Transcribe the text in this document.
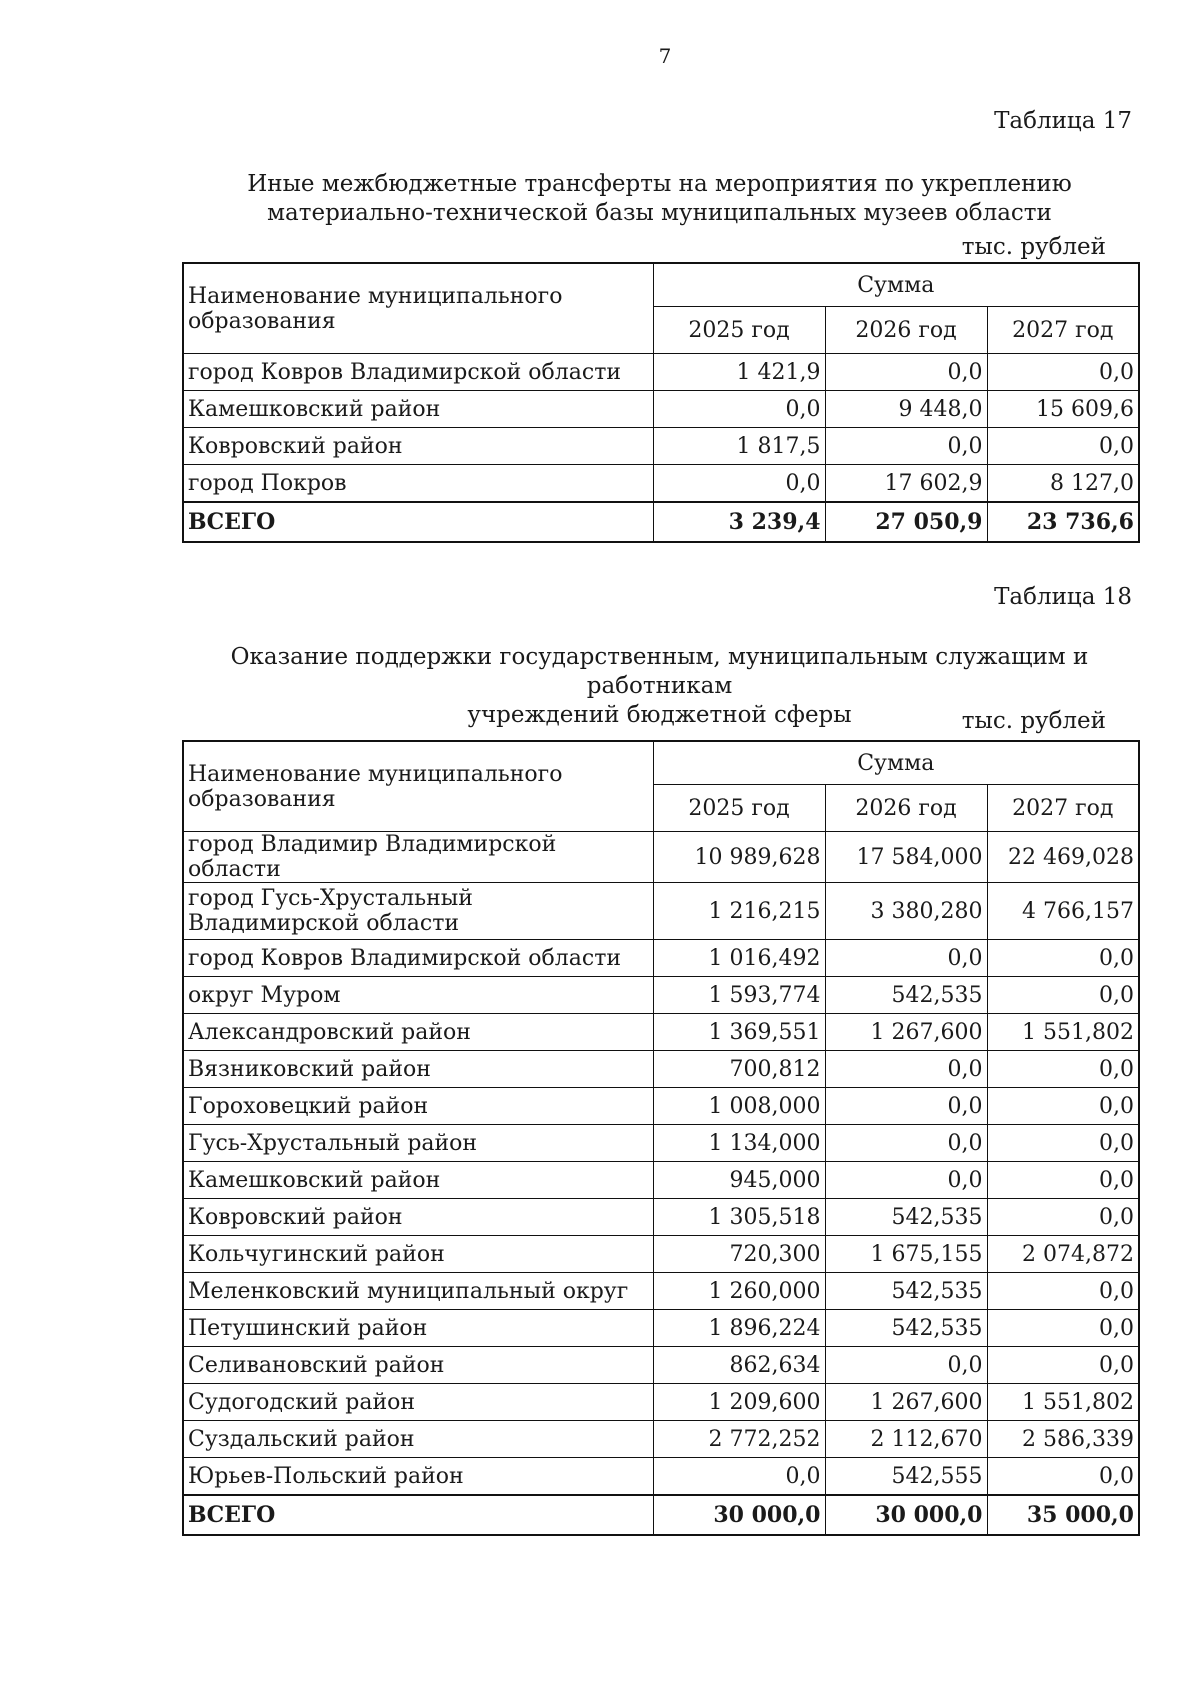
7
Таблица 17
Иные межбюджетные трансферты на мероприятия по укреплению
материально-технической базы муниципальных музеев области
тыс. рублей
Наименование муниципального образования	Сумма		
	2025 год	2026 год	2027 год
город Ковров Владимирской области	1 421,9	0,0	0,0
Камешковский район	0,0	9 448,0	15 609,6
Ковровский район	1 817,5	0,0	0,0
город Покров	0,0	17 602,9	8 127,0
ВСЕГО	3 239,4	27 050,9	23 736,6
Таблица 18
Оказание поддержки государственным, муниципальным служащим и работникам
учреждений бюджетной сферы	тыс. рублей
Наименование муниципального образования	Сумма		
	2025 год	2026 год	2027 год
город Владимир Владимирской области	10 989,628	17 584,000	22 469,028
город Гусь-Хрустальный Владимирской области	1 216,215	3 380,280	4 766,157
город Ковров Владимирской области	1 016,492	0,0	0,0
округ Муром	1 593,774	542,535	0,0
Александровский район	1 369,551	1 267,600	1 551,802
Вязниковский район	700,812	0,0	0,0
Гороховецкий район	1 008,000	0,0	0,0
Гусь-Хрустальный район	1 134,000	0,0	0,0
Камешковский район	945,000	0,0	0,0
Ковровский район	1 305,518	542,535	0,0
Кольчугинский район	720,300	1 675,155	2 074,872
Меленковский муниципальный округ	1 260,000	542,535	0,0
Петушинский район	1 896,224	542,535	0,0
Селивановский район	862,634	0,0	0,0
Судогодский район	1 209,600	1 267,600	1 551,802
Суздальский район	2 772,252	2 112,670	2 586,339
Юрьев-Польский район	0,0	542,555	0,0
ВСЕГО	30 000,0	30 000,0	35 000,0
